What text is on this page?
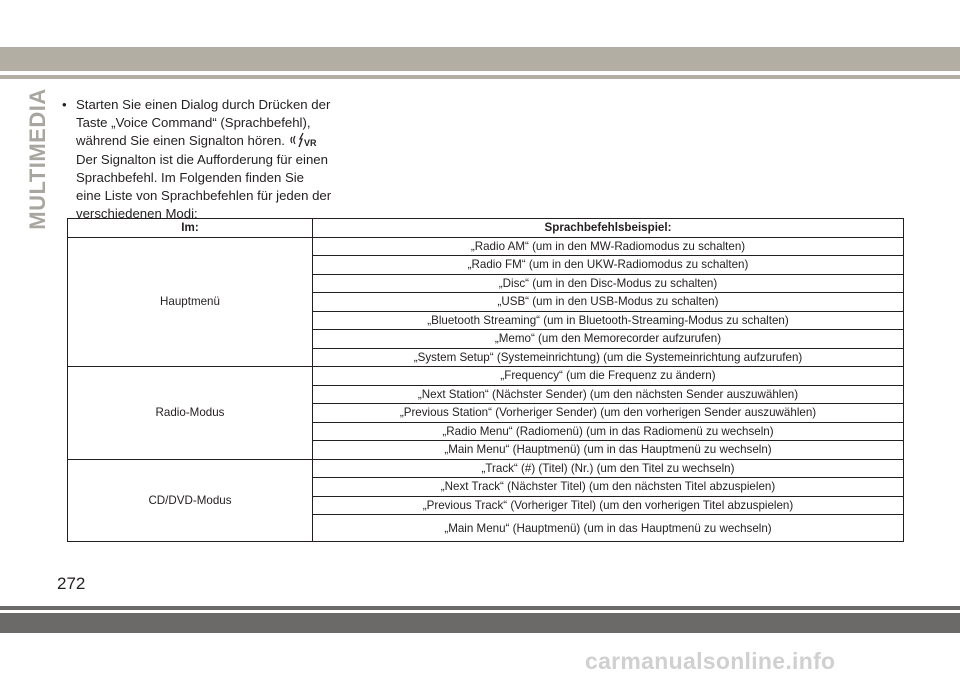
MULTIMEDIA • Starten Sie einen Dialog durch Drücken der
Taste „Voice Command“ (Sprachbefehl),
während Sie einen Signalton hören. VR
Der Signalton ist die Aufforderung für einen
Sprachbefehl. Im Folgenden finden Sie
eine Liste von Sprachbefehlen für jeden der
verschiedenen Modi:
Im:	Sprachbefehlsbeispiel:
Hauptmenü	„Radio AM“ (um in den MW-Radiomodus zu schalten)
	„Radio FM“ (um in den UKW-Radiomodus zu schalten)
	„Disc“ (um in den Disc-Modus zu schalten)
	„USB“ (um in den USB-Modus zu schalten)
	„Bluetooth Streaming“ (um in Bluetooth-Streaming-Modus zu schalten)
	„Memo“ (um den Memorecorder aufzurufen)
	„System Setup“ (Systemeinrichtung) (um die Systemeinrichtung aufzurufen)
Radio-Modus	„Frequency“ (um die Frequenz zu ändern)
	„Next Station“ (Nächster Sender) (um den nächsten Sender auszuwählen)
	„Previous Station“ (Vorheriger Sender) (um den vorherigen Sender auszuwählen)
	„Radio Menu“ (Radiomenü) (um in das Radiomenü zu wechseln)
	„Main Menu“ (Hauptmenü) (um in das Hauptmenü zu wechseln)
CD/DVD-Modus	„Track“ (#) (Titel) (Nr.) (um den Titel zu wechseln)
	„Next Track“ (Nächster Titel) (um den nächsten Titel abzuspielen)
	„Previous Track“ (Vorheriger Titel) (um den vorherigen Titel abzuspielen)
	„Main Menu“ (Hauptmenü) (um in das Hauptmenü zu wechseln)
272
carmanualsonline.info
